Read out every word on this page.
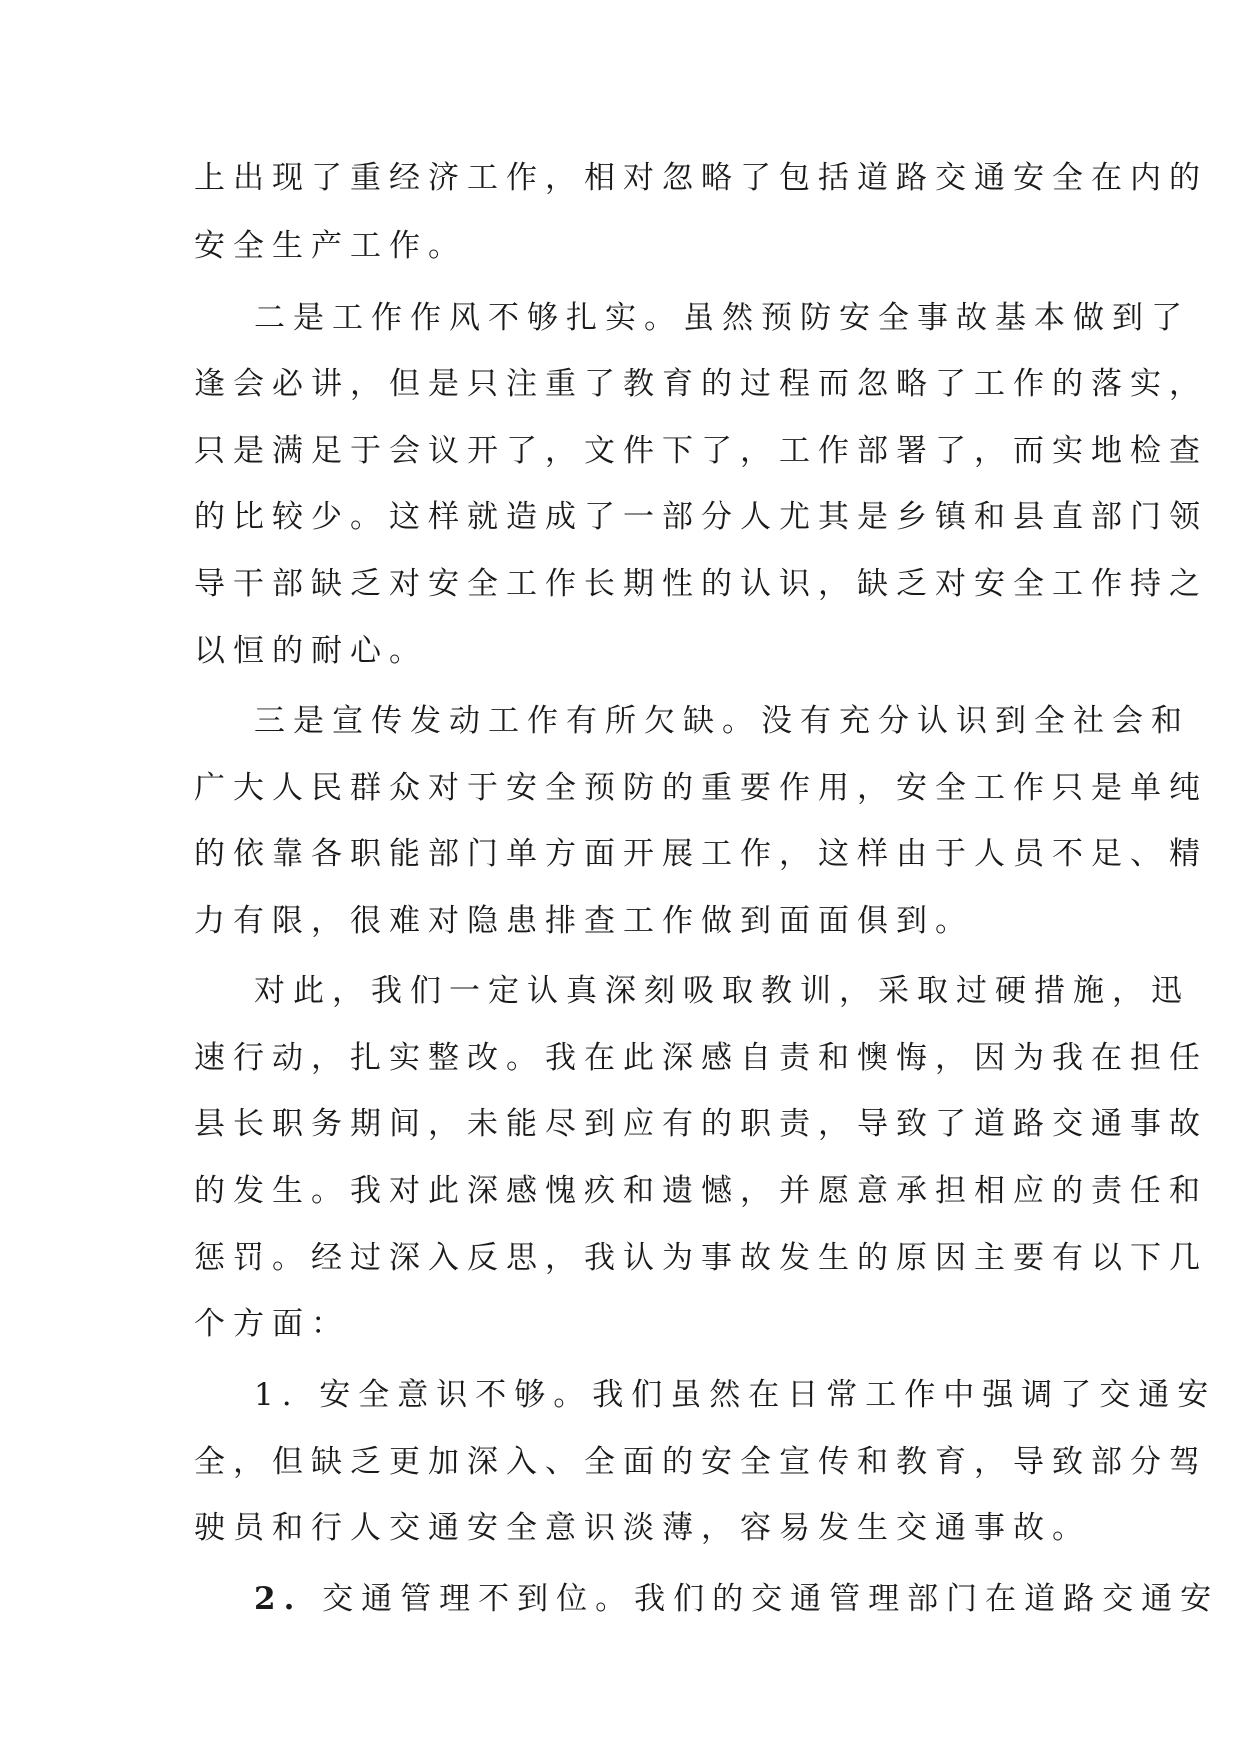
上出现了重经济工作，相对忽略了包括道路交通安全在内的

安全生产工作。

二是工作作风不够扎实。虽然预防安全事故基本做到了

逢会必讲，但是只注重了教育的过程而忽略了工作的落实，

只是满足于会议开了，文件下了，工作部署了，而实地检查

的比较少。这样就造成了一部分人尤其是乡镇和县直部门领

导干部缺乏对安全工作长期性的认识，缺乏对安全工作持之

以恒的耐心。

三是宣传发动工作有所欠缺。没有充分认识到全社会和

广大人民群众对于安全预防的重要作用，安全工作只是单纯

的依靠各职能部门单方面开展工作，这样由于人员不足、精

力有限，很难对隐患排查工作做到面面俱到。

对此，我们一定认真深刻吸取教训，采取过硬措施，迅

速行动，扎实整改。我在此深感自责和懊悔，因为我在担任

县长职务期间，未能尽到应有的职责，导致了道路交通事故

的发生。我对此深感愧疚和遗憾，并愿意承担相应的责任和

惩罚。经过深入反思，我认为事故发生的原因主要有以下几

个方面：

1. 安全意识不够。我们虽然在日常工作中强调了交通安

全，但缺乏更加深入、全面的安全宣传和教育，导致部分驾

驶员和行人交通安全意识淡薄，容易发生交通事故。

2. 交通管理不到位。我们的交通管理部门在道路交通安
